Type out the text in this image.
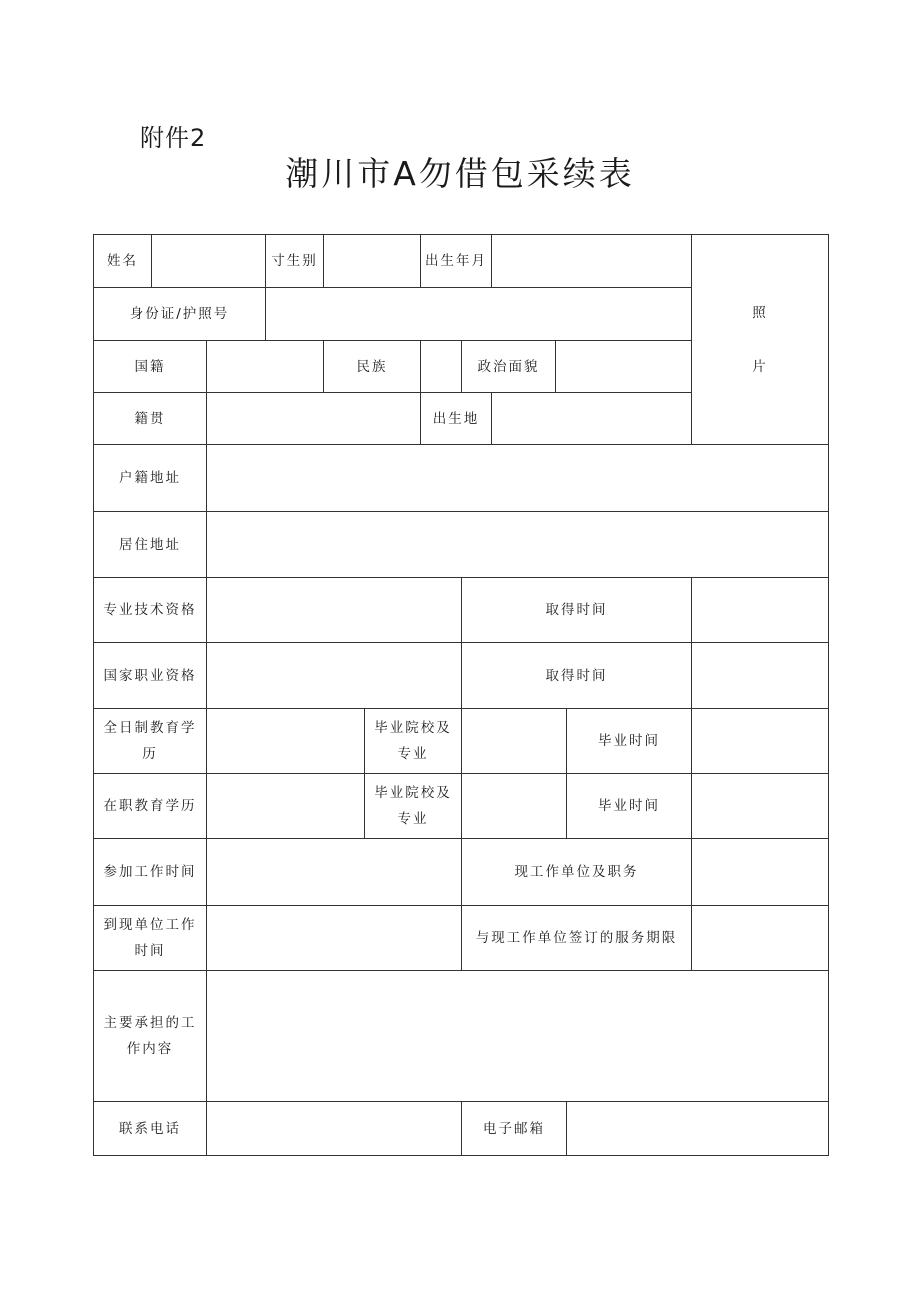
附件2
潮川市A勿借包采续表
姓名			寸生别			出生年月					照
片

身份证/护照号											
国籍				民族			政治面貌				
籍贯						出生地					
户籍地址											
居住地址											
专业技术资格							取得时间				
国家职业资格							取得时间				
全日制教育学历					毕业院校及专业					毕业时间	
在职教育学历					毕业院校及专业					毕业时间	
参加工作时间							现工作单位及职务				
到现单位工作时间							与现工作单位签订的服务期限				
主要承担的工作内容											
联系电话							电子邮箱				
